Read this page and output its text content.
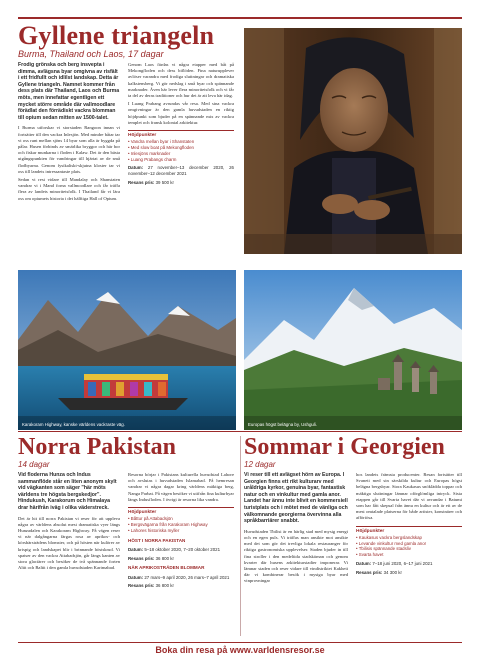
Gyllene triangeln
Burma, Thailand och Laos, 17 dagar

Frodig grönska och berg insvepta i dimma, avlägsna byar omgivna av risfält i ett fridfullt och idlilst landskap. Detta är Gyllene triangeln. Namnet kommer från dess plats där Thailand, Laos och Burma möts, men innefattar egentligen ett mycket större område där vallmoodlare förädlat den förrädiskt vackra blomman till opium sedan mitten av 1500-talet.

I Burma utforskar vi storstaden Rangoon innan vi fortsätter till den vackra Inlesjön. Med mindre båtar tar vi oss runt mellan sjöns 14 byar som alla är byggda på pålar. Husen förbinds av smärlika bryggor och här bor och fiskar munkarna i floden i Kalaw. Det är den bästa utgångspunkten för vandringar till hjärtat av de små flodbyarna. Genom fysikaliskt-skjutna kloster tar vi oss till landets intressantaste plats.

Sedan vi rest vidare till Mandalay och Shanstaten vandrar vi i Mand forna vallmoodlare och får träffa flera av landets minoritetsfolk. I Thailand får vi lära oss om opiumets historia i det hälftiga Hall of Opium.

Genom Laos färdas vi några etapper med båt på Mekongfloden och dess biflöden. Fina naturupplever avlöser varandra med frodiga sluttningar och dramatiska kalkstensberg. Vi gör nedslag i små byar och spännande marknader. Även här lever flera minoritetsfolk och vi får ta del av deras traditioner och hur det är att leva här idag.

I Luang Prabang avrundas vår resa. Med sina vackra omgivningar är den gamla huvudstaden en riktig höjdpunkt som bjuder på en spännande mix av vackra templet och fransk kolonial arkitektur.

Höjdpunkter
• Vandra mellan byar i Shanstaten
• Med slow boat på Mekongfloden
• Inlesjöns marknader
• Luang Prabangs charm
Datum: 27 november–13 december 2020, 26 november–12 december 2021
Resans pris: 39 500 kr
Karakoram Highway, kanske världens vackraste väg.	Europas högst belägna by, Ushguli.
Norra Pakistan
14 dagar

Vid floderna Hunza och Indus sammanflöde står en liten anonym skylt vid vägkanten som säger "här möts världens tre högsta bergskedjor". Hindukush, Karakorum och Himalaya drar härifrån iväg i olika väderstreck.

Det är hit till norra Pakistan vi reser för att uppleva några av världens absolut mest dramatiska vyer längs Hunzadalen och Karakoram Highway. På vägen reser vi när dalgångarna färgas rosa av aprikos- och körsbärsträdens blomster, och på hösten när kulörer av krispig och landskapet blir i brinnande höstskrud. Vi spatser av den vackra Attabadsjön, går längs kanten av stora glaciärer och besöker de två spännande forten Altit och Baltit i den gamla huvudstaden Karimabad.

Resorna börjar i Pakistans kulturella huvudstad Lahore och avslutas i huvudstaden Islamabad. På hemresan vandrar vi några dagar kring världens mäktiga berg, Nanga Parbat. På vägen besöker vi utifrån fina kulturbyar längs Indusfloden. I övrigt är resorna lika vandra.

Höjdpunkter
• Båttur på Attabadsjön
• Bergsvägarna från Karakoram Highway
• Lahores historiska myller
HÖST I NORRA PAKISTAN
Datum: 5–18 oktober 2020, 7–20 oktober 2021
Resans pris: 36 800 kr
NÄR APRIKOSTRÄDEN BLOMMAR
Datum: 27 mars–9 april 2020, 26 mars–7 april 2021
Resans pris: 36 800 kr
Sommar i Georgien
12 dagar

Vi reser till ett avlägset hörn av Europa. I Georgien finns ett rikt kulturarv med uråldriga kyrkor, genuina byar, fantastisk natur och en vinkultur med gamla anor. Landet har ännu inte blivit en kommersiell turistplats och i mötet med de vänliga och välkomnande georgierna övervinna alla språkbarriärer snabbt.

Huvudstaden Tbilisi är en härlig stad med mysig energi och en egen puls. Vi träffas man ansikte mot ansikte med det som gör det trevliga lokala restauranger för riktiga gastronomiska upplevelser. Staden bjuder in till fina stroller i den medeltida stadskärnan och genom kvarter där husens arkitekturstadier imponerar. Vi lämnar staden och reser vidare till vindistriktet Kakheti där vi kombinerar besök i mysiga byar med vinprovningar

hos landets främsta producenter. Resan fortsätter till Svaneti med sin särskilda kultur och Europas högst belägna bergsbyar. Stora Kaukasus snöklädda toppar och mäktiga sluttningar lämnar oförglömliga intryck. Sista etappen går till Svarta havet där vi avrundar i Batumi som har fått skepsal från ännu en kultur och är ett av de mest omtalade platserna för både artister, konstnärer och afföriösa.

Höjdpunkter
• Kaukasus vackra bergslandskap
• Levande vinkultur med gamla anor
• Tbilisis spännande stadsliv
• Svarta havet
Datum: 7–18 juni 2020, 6–17 juni 2021
Resans pris: 34 300 kr
Boka din resa på www.varldensresor.se
